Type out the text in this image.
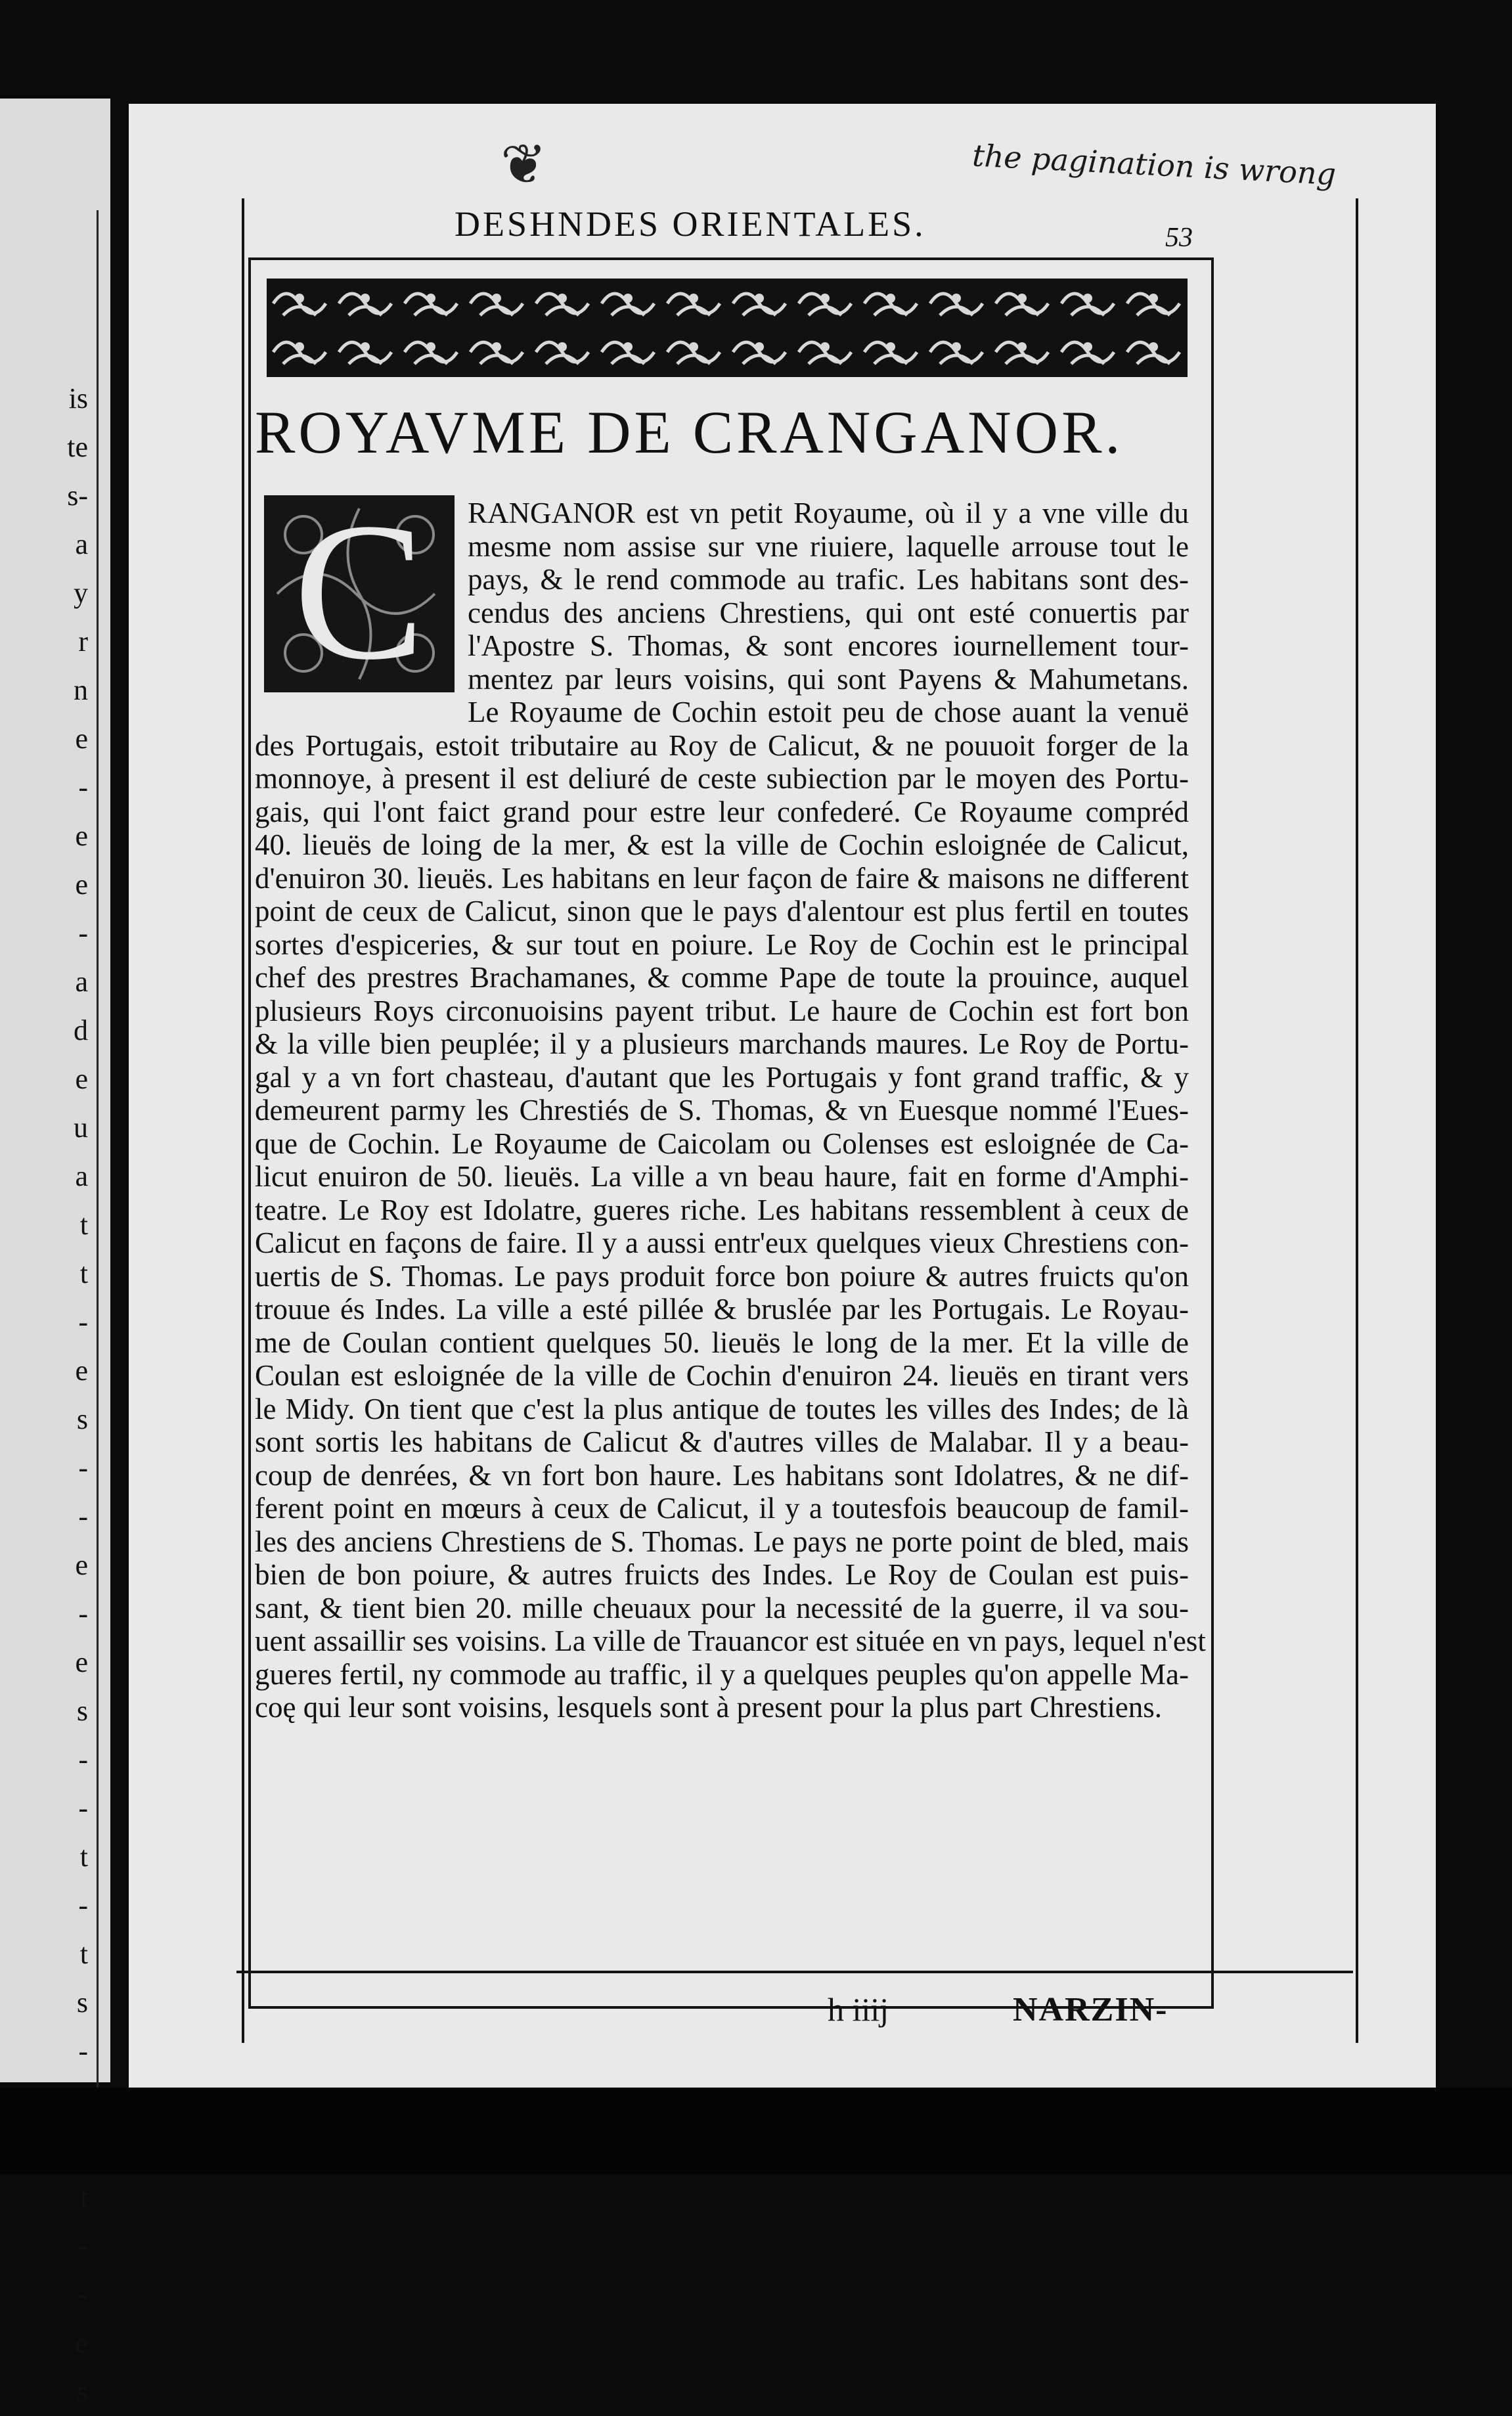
is
te
s-
a
y
r
n
e
-
e
e
-
a
d
e
u
a
t
t
-
e
s
-
-
e
-
e
s
-
-
t
-
t
s
-
t
-
-
e
s
the pagination is wrong
❦
DESHNDES ORIENTALES.	53
ROYAVME DE CRANGANOR.
C	RANGANOR est vn petit Royaume, où il y a vne ville du
mesme nom assise sur vne riuiere, laquelle arrouse tout le
pays, & le rend commode au trafic. Les habitans sont des-
cendus des anciens Chrestiens, qui ont esté conuertis par
l'Apostre S. Thomas, & sont encores iournellement tour-
mentez par leurs voisins, qui sont Payens & Mahumetans.
Le Royaume de Cochin estoit peu de chose auant la venuë
des Portugais, estoit tributaire au Roy de Calicut, & ne pouuoit forger de la
monnoye, à present il est deliuré de ceste subiection par le moyen des Portu-
gais, qui l'ont faict grand pour estre leur confederé. Ce Royaume compréd
40. lieuës de loing de la mer, & est la ville de Cochin esloignée de Calicut,
d'enuiron 30. lieuës. Les habitans en leur façon de faire & maisons ne different
point de ceux de Calicut, sinon que le pays d'alentour est plus fertil en toutes
sortes d'espiceries, & sur tout en poiure. Le Roy de Cochin est le principal
chef des prestres Brachamanes, & comme Pape de toute la prouince, auquel
plusieurs Roys circonuoisins payent tribut. Le haure de Cochin est fort bon
& la ville bien peuplée; il y a plusieurs marchands maures. Le Roy de Portu-
gal y a vn fort chasteau, d'autant que les Portugais y font grand traffic, & y
demeurent parmy les Chrestiés de S. Thomas, & vn Euesque nommé l'Eues-
que de Cochin. Le Royaume de Caicolam ou Colenses est esloignée de Ca-
licut enuiron de 50. lieuës. La ville a vn beau haure, fait en forme d'Amphi-
teatre. Le Roy est Idolatre, gueres riche. Les habitans ressemblent à ceux de
Calicut en façons de faire. Il y a aussi entr'eux quelques vieux Chrestiens con-
uertis de S. Thomas. Le pays produit force bon poiure & autres fruicts qu'on
trouue és Indes. La ville a esté pillée & bruslée par les Portugais. Le Royau-
me de Coulan contient quelques 50. lieuës le long de la mer. Et la ville de
Coulan est esloignée de la ville de Cochin d'enuiron 24. lieuës en tirant vers
le Midy. On tient que c'est la plus antique de toutes les villes des Indes; de là
sont sortis les habitans de Calicut & d'autres villes de Malabar. Il y a beau-
coup de denrées, & vn fort bon haure. Les habitans sont Idolatres, & ne dif-
ferent point en mœurs à ceux de Calicut, il y a toutesfois beaucoup de famil-
les des anciens Chrestiens de S. Thomas. Le pays ne porte point de bled, mais
bien de bon poiure, & autres fruicts des Indes. Le Roy de Coulan est puis-
sant, & tient bien 20. mille cheuaux pour la necessité de la guerre, il va sou-
uent assaillir ses voisins. La ville de Trauancor est située en vn pays, lequel n'est
gueres fertil, ny commode au traffic, il y a quelques peuples qu'on appelle Ma-
coę qui leur sont voisins, lesquels sont à present pour la plus part Chrestiens.
h iiij	NARZIN-
